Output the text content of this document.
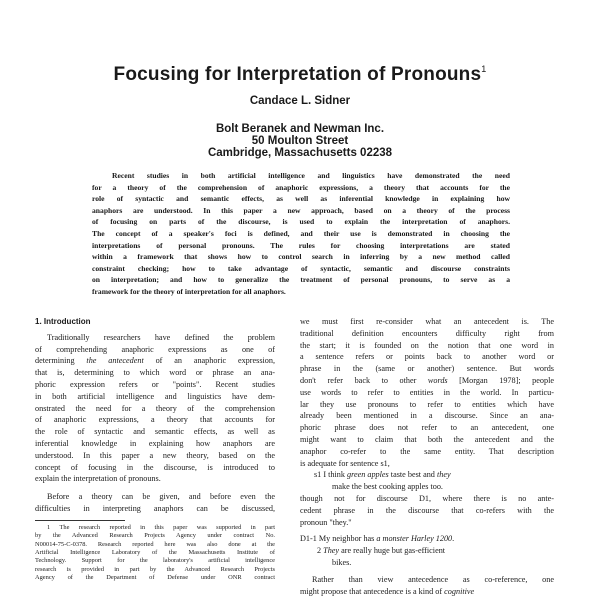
Focusing for Interpretation of Pronouns$^1$
Candace L. Sidner
Bolt Beranek and Newman Inc.
50 Moulton Street
Cambridge, Massachusetts 02238
Recent studies in both artificial intelligence and linguistics have demonstrated the need
for a theory of the comprehension of anaphoric expressions, a theory that accounts for the
role of syntactic and semantic effects, as well as inferential knowledge in explaining how
anaphors are understood. In this paper a new approach, based on a theory of the process
of focusing on parts of the discourse, is used to explain the interpretation of anaphors.
The concept of a speaker's foci is defined, and their use is demonstrated in choosing the
interpretations of personal pronouns. The rules for choosing interpretations are stated
within a framework that shows how to control search in inferring by a new method called
constraint checking; how to take advantage of syntactic, semantic and discourse constraints
on interpretation; and how to generalize the treatment of personal pronouns, to serve as a
framework for the theory of interpretation for all anaphors.
1. Introduction
Traditionally researchers have defined the problem
of comprehending anaphoric expressions as one of
determining the antecedent of an anaphoric expression,
that is, determining to which word or phrase an ana-
phoric expression refers or "points". Recent studies
in both artificial intelligence and linguistics have dem-
onstrated the need for a theory of the comprehension
of anaphoric expressions, a theory that accounts for
the role of syntactic and semantic effects, as well as
inferential knowledge in explaining how anaphors are
understood. In this paper a new theory, based on the
concept of focusing in the discourse, is introduced to
explain the interpretation of pronouns.
Before a theory can be given, and before even the
difficulties in interpreting anaphors can be discussed,
1 The research reported in this paper was supported in part
by the Advanced Research Projects Agency under contract No.
N00014-75-C-0378. Research reported here was also done at the
Artificial Intelligence Laboratory of the Massachusetts Institute of
Technology. Support for the laboratory's artificial intelligence
research is provided in part by the Advanced Research Projects
Agency of the Department of Defense under ONR contract
we must first re-consider what an antecedent is. The
traditional definition encounters difficulty right from
the start; it is founded on the notion that one word in
a sentence refers or points back to another word or
phrase in the (same or another) sentence. But words
don't refer back to other words [Morgan 1978]; people
use words to refer to entities in the world. In particu-
lar they use pronouns to refer to entities which have
already been mentioned in a discourse. Since an ana-
phoric phrase does not refer to an antecedent, one
might want to claim that both the antecedent and the
anaphor co-refer to the same entity. That description
is adequate for sentence s1,
s1 I think green apples taste best and they
make the best cooking apples too.
though not for discourse D1, where there is no ante-
cedent phrase in the discourse that co-refers with the
pronoun "they."
D1-1 My neighbor has a monster Harley 1200.
2 They are really huge but gas-efficient
bikes.
Rather than view antecedence as co-reference, one
might propose that antecedence is a kind of cognitive
